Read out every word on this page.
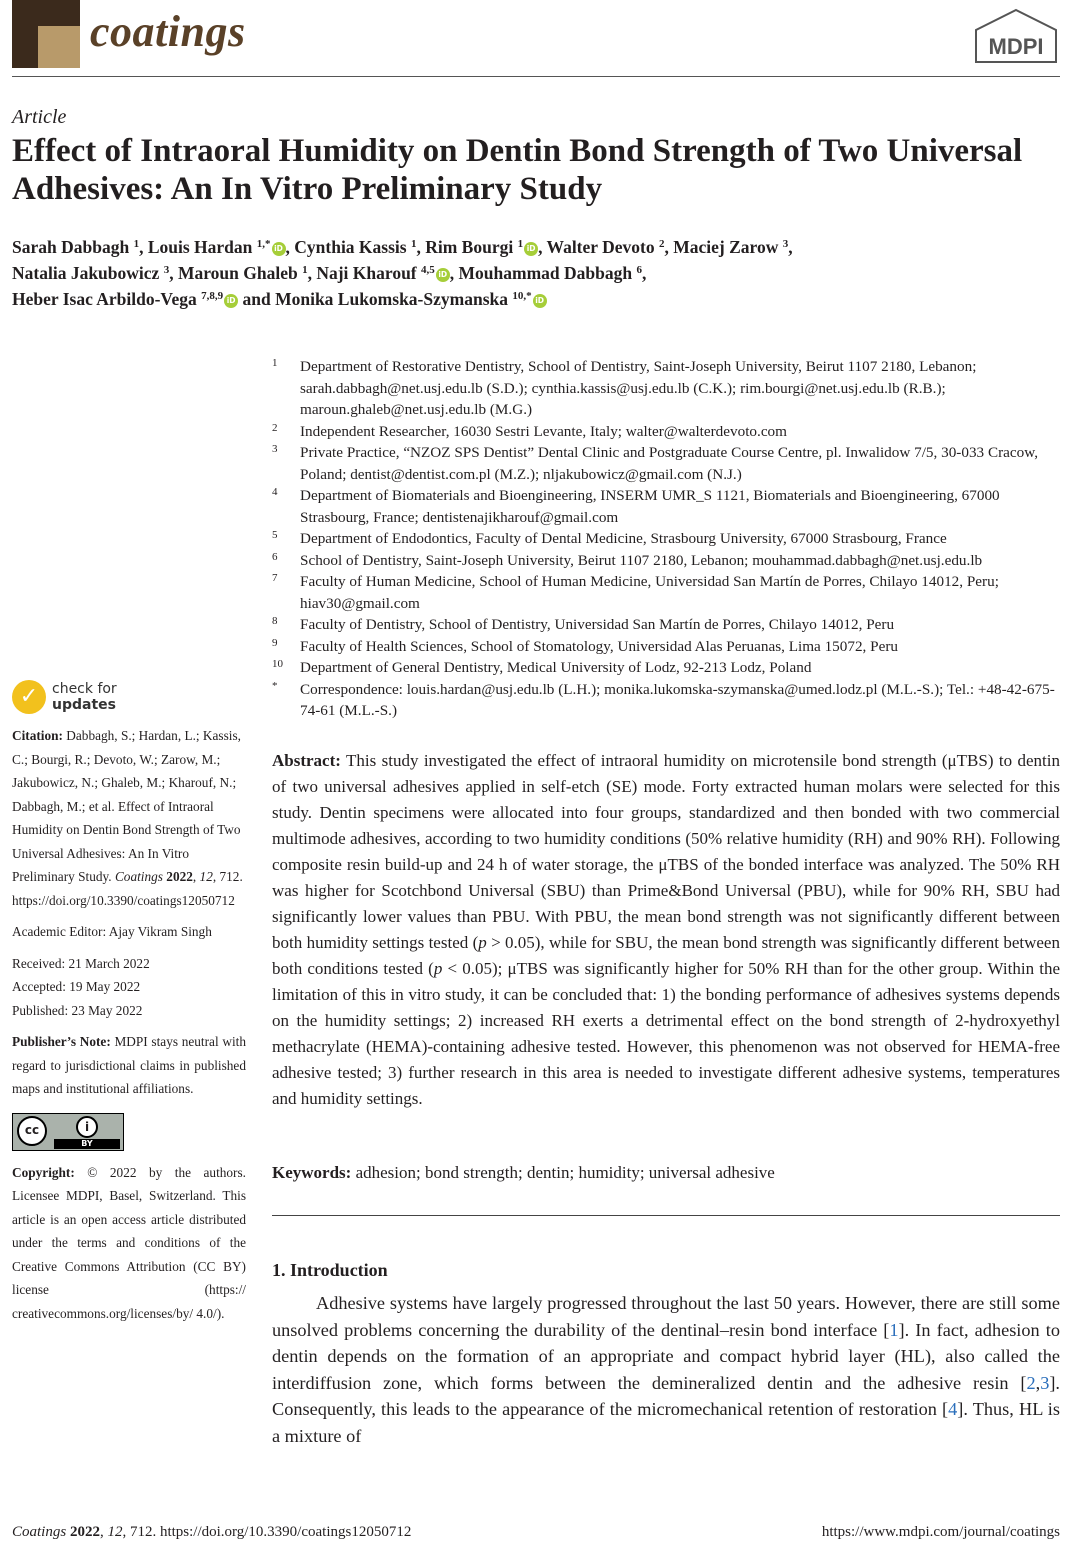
coatings	MDPI
Article
Effect of Intraoral Humidity on Dentin Bond Strength of Two Universal Adhesives: An In Vitro Preliminary Study
Sarah Dabbagh $^1$, Louis Hardan $^{1,*}$ iD , Cynthia Kassis $^1$, Rim Bourgi $^1$ iD , Walter Devoto $^2$, Maciej Zarow $^3$,
Natalia Jakubowicz $^3$, Maroun Ghaleb $^1$, Naji Kharouf $^{4,5}$ iD , Mouhammad Dabbagh $^6$,
Heber Isac Arbildo-Vega $^{7,8,9}$ iD and Monika Lukomska-Szymanska $^{10,*}$ iD
1	Department of Restorative Dentistry, School of Dentistry, Saint-Joseph University, Beirut 1107 2180, Lebanon; sarah.dabbagh@net.usj.edu.lb (S.D.); cynthia.kassis@usj.edu.lb (C.K.); rim.bourgi@net.usj.edu.lb (R.B.); maroun.ghaleb@net.usj.edu.lb (M.G.)
2	Independent Researcher, 16030 Sestri Levante, Italy; walter@walterdevoto.com
3	Private Practice, “NZOZ SPS Dentist” Dental Clinic and Postgraduate Course Centre, pl. Inwalidow 7/5, 30-033 Cracow, Poland; dentist@dentist.com.pl (M.Z.); nljakubowicz@gmail.com (N.J.)
4	Department of Biomaterials and Bioengineering, INSERM UMR_S 1121, Biomaterials and Bioengineering, 67000 Strasbourg, France; dentistenajikharouf@gmail.com
5	Department of Endodontics, Faculty of Dental Medicine, Strasbourg University, 67000 Strasbourg, France
6	School of Dentistry, Saint-Joseph University, Beirut 1107 2180, Lebanon; mouhammad.dabbagh@net.usj.edu.lb
7	Faculty of Human Medicine, School of Human Medicine, Universidad San Martín de Porres, Chilayo 14012, Peru; hiav30@gmail.com
8	Faculty of Dentistry, School of Dentistry, Universidad San Martín de Porres, Chilayo 14012, Peru
9	Faculty of Health Sciences, School of Stomatology, Universidad Alas Peruanas, Lima 15072, Peru
10	Department of General Dentistry, Medical University of Lodz, 92-213 Lodz, Poland
*	Correspondence: louis.hardan@usj.edu.lb (L.H.); monika.lukomska-szymanska@umed.lodz.pl (M.L.-S.); Tel.: +48-42-675-74-61 (M.L.-S.)
✓ check for
updates

Citation: Dabbagh, S.; Hardan, L.; Kassis, C.; Bourgi, R.; Devoto, W.; Zarow, M.; Jakubowicz, N.; Ghaleb, M.; Kharouf, N.; Dabbagh, M.; et al. Effect of Intraoral Humidity on Dentin Bond Strength of Two Universal Adhesives: An In Vitro Preliminary Study. Coatings 2022, 12, 712. https://doi.org/10.3390/coatings12050712

Academic Editor: Ajay Vikram Singh

Received: 21 March 2022

Accepted: 19 May 2022

Published: 23 May 2022

Publisher’s Note: MDPI stays neutral with regard to jurisdictional claims in published maps and institutional affiliations.

cc	i
BY

Copyright: © 2022 by the authors. Licensee MDPI, Basel, Switzerland. This article is an open access article distributed under the terms and conditions of the Creative Commons Attribution (CC BY) license (https:// creativecommons.org/licenses/by/ 4.0/).

Abstract: This study investigated the effect of intraoral humidity on microtensile bond strength (μTBS) to dentin of two universal adhesives applied in self-etch (SE) mode. Forty extracted human molars were selected for this study. Dentin specimens were allocated into four groups, standardized and then bonded with two commercial multimode adhesives, according to two humidity conditions (50% relative humidity (RH) and 90% RH). Following composite resin build-up and 24 h of water storage, the μTBS of the bonded interface was analyzed. The 50% RH was higher for Scotchbond Universal (SBU) than Prime&Bond Universal (PBU), while for 90% RH, SBU had significantly lower values than PBU. With PBU, the mean bond strength was not significantly different between both humidity settings tested (p > 0.05), while for SBU, the mean bond strength was significantly different between both conditions tested (p < 0.05); μTBS was significantly higher for 50% RH than for the other group. Within the limitation of this in vitro study, it can be concluded that: 1) the bonding performance of adhesives systems depends on the humidity settings; 2) increased RH exerts a detrimental effect on the bond strength of 2-hydroxyethyl methacrylate (HEMA)-containing adhesive tested. However, this phenomenon was not observed for HEMA-free adhesive tested; 3) further research in this area is needed to investigate different adhesive systems, temperatures and humidity settings.
Keywords: adhesion; bond strength; dentin; humidity; universal adhesive
1. Introduction
Adhesive systems have largely progressed throughout the last 50 years. However, there are still some unsolved problems concerning the durability of the dentinal–resin bond interface [1]. In fact, adhesion to dentin depends on the formation of an appropriate and compact hybrid layer (HL), also called the interdiffusion zone, which forms between the demineralized dentin and the adhesive resin [2,3]. Consequently, this leads to the appearance of the micromechanical retention of restoration [4]. Thus, HL is a mixture of
Coatings 2022, 12, 712. https://doi.org/10.3390/coatings12050712	https://www.mdpi.com/journal/coatings
